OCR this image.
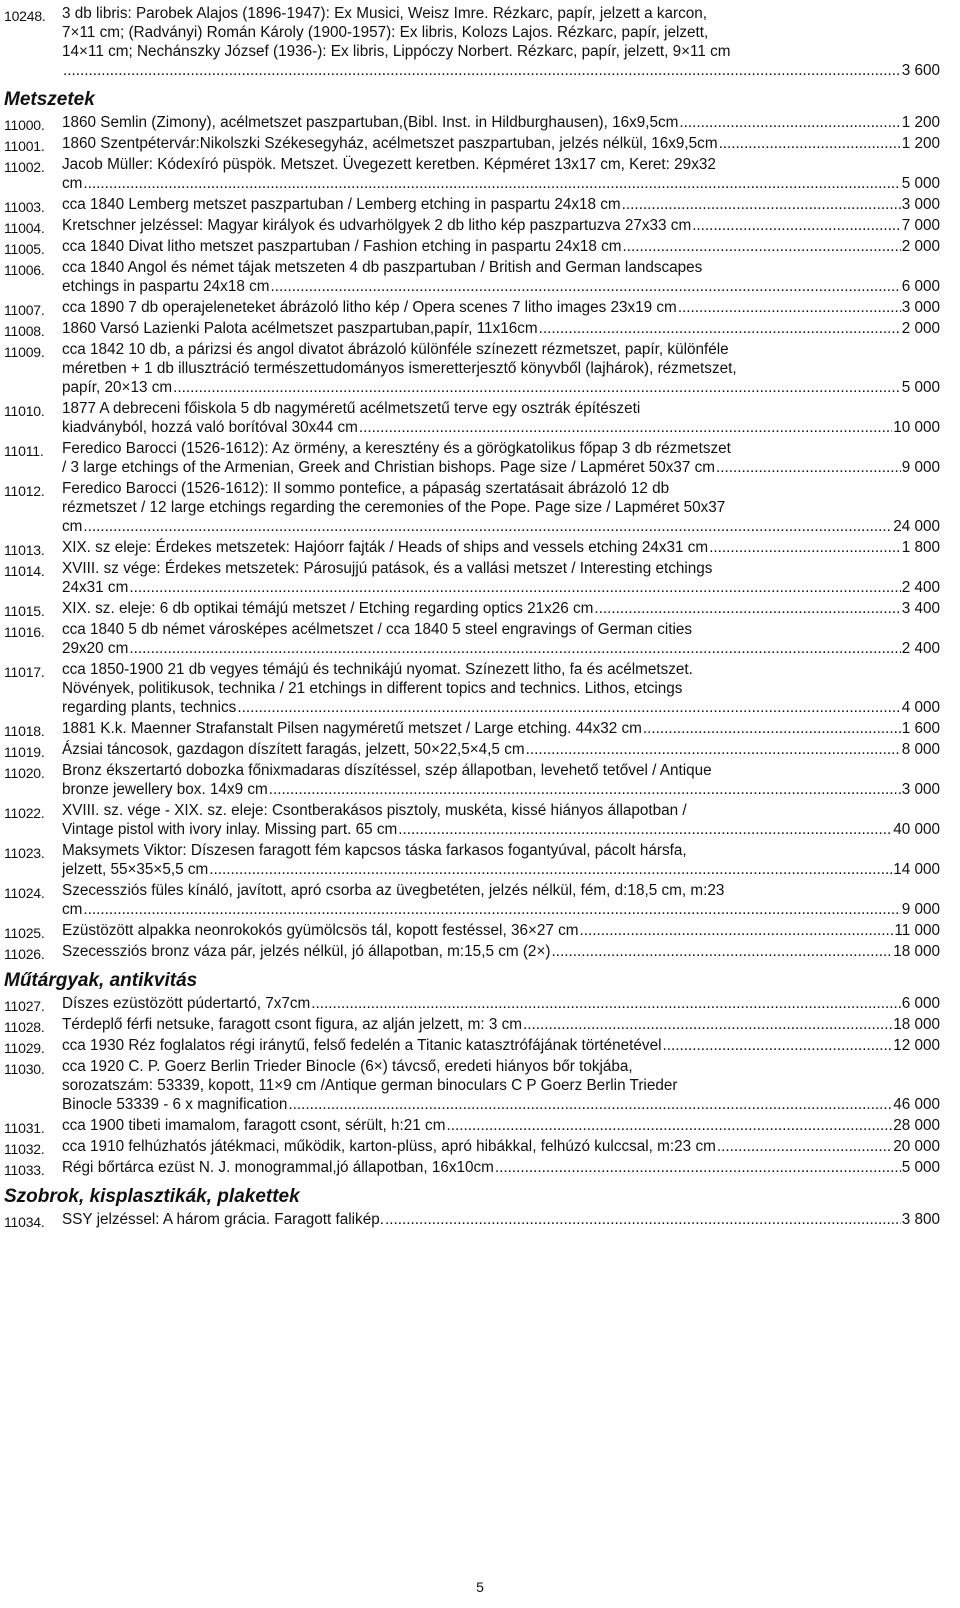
10248. 3 db libris: Parobek Alajos (1896-1947): Ex Musici, Weisz Imre. Rézkarc, papír, jelzett a karcon,
7×11 cm; (Radványi) Román Károly (1900-1957): Ex libris, Kolozs Lajos. Rézkarc, papír, jelzett,
14×11 cm; Nechánszky József (1936-): Ex libris, Lippóczy Norbert. Rézkarc, papír, jelzett, 9×11 cm
.....
3 600
Metszetek
11000. 1860 Semlin (Zimony), acélmetszet paszpartuban,(Bibl. Inst. in Hildburghausen), 16x9,5cm .....	1 200
11001. 1860 Szentpétervár:Nikolszki Székesegyház, acélmetszet paszpartuban, jelzés nélkül, 16x9,5cm .....	1 200
11002. Jacob Müller: Kódexíró püspök. Metszet. Üvegezett keretben. Képméret 13x17 cm, Keret: 29x32
cm .....	5 000
11003. cca 1840 Lemberg metszet paszpartuban / Lemberg etching in paspartu 24x18 cm .....	3 000
11004. Kretschner jelzéssel: Magyar királyok és udvarhölgyek 2 db litho kép paszpartuzva 27x33 cm .....	7 000
11005. cca 1840 Divat litho metszet paszpartuban / Fashion etching in paspartu 24x18 cm .....	2 000
11006. cca 1840 Angol és német tájak metszeten 4 db paszpartuban / British and German landscapes
etchings in paspartu 24x18 cm .....	6 000
11007. cca 1890 7 db operajeleneteket ábrázoló litho kép / Opera scenes 7 litho images 23x19 cm .....	3 000
11008. 1860 Varsó Lazienki Palota acélmetszet paszpartuban,papír, 11x16cm .....	2 000
11009. cca 1842 10 db, a párizsi és angol divatot ábrázoló különféle színezett rézmetszet, papír, különféle
méretben + 1 db illusztráció természettudományos ismeretterjesztő könyvből (lajhárok), rézmetszet,
papír, 20×13 cm .....	5 000
11010. 1877 A debreceni főiskola 5 db nagyméretű acélmetszetű terve egy osztrák építészeti
kiadványból, hozzá való borítóval 30x44 cm .....	10 000
11011. Feredico Barocci (1526-1612): Az örmény, a keresztény és a görögkatolikus főpap 3 db rézmetszet
/ 3 large etchings of the Armenian, Greek and Christian bishops. Page size / Lapméret 50x37 cm .....	9 000
11012. Feredico Barocci (1526-1612): Il sommo pontefice, a pápaság szertatásait ábrázoló 12 db
rézmetszet / 12 large etchings regarding the ceremonies of the Pope. Page size / Lapméret 50x37
cm .....	24 000
11013. XIX. sz eleje: Érdekes metszetek: Hajóorr fajták / Heads of ships and vessels etching 24x31 cm .....	1 800
11014. XVIII. sz vége: Érdekes metszetek: Párosujjú patások, és a vallási metszet / Interesting etchings
24x31 cm .....	2 400
11015. XIX. sz. eleje: 6 db optikai témájú metszet / Etching regarding optics 21x26 cm .....	3 400
11016. cca 1840 5 db német városképes acélmetszet / cca 1840 5 steel engravings of German cities
29x20 cm .....	2 400
11017. cca 1850-1900 21 db vegyes témájú és technikájú nyomat. Színezett litho, fa és acélmetszet.
Növények, politikusok, technika / 21 etchings in different topics and technics. Lithos, etcings
regarding plants, technics .....	4 000
11018. 1881 K.k. Maenner Strafanstalt Pilsen nagyméretű metszet / Large etching. 44x32 cm .....	1 600
11019. Ázsiai táncosok, gazdagon díszített faragás, jelzett, 50×22,5×4,5 cm .....	8 000
11020. Bronz ékszertartó dobozka főnixmadaras díszítéssel, szép állapotban, levehető tetővel / Antique
bronze jewellery box. 14x9 cm .....	3 000
11022. XVIII. sz. vége - XIX. sz. eleje: Csontberakásos pisztoly, muskéta, kissé hiányos állapotban /
Vintage pistol with ivory inlay. Missing part. 65 cm .....	40 000
11023. Maksymets Viktor: Díszesen faragott fém kapcsos táska farkasos fogantyúval, pácolt hársfa,
jelzett, 55×35×5,5 cm .....	14 000
11024. Szecessziós füles kínáló, javított, apró csorba az üvegbetéten, jelzés nélkül, fém, d:18,5 cm, m:23
cm .....	9 000
11025. Ezüstözött alpakka neonrokokós gyümölcsös tál, kopott festéssel, 36×27 cm .....	11 000
11026. Szecessziós bronz váza pár, jelzés nélkül, jó állapotban, m:15,5 cm (2×) .....	18 000
Műtárgyak, antikvitás
11027. Díszes ezüstözött púdertartó, 7x7cm .....	6 000
11028. Térdeplő férfi netsuke, faragott csont figura, az alján jelzett, m: 3 cm .....	18 000
11029. cca 1930 Réz foglalatos régi iránytű, felső fedelén a Titanic katasztrófájának történetével .....	12 000
11030. cca 1920 C. P. Goerz Berlin Trieder Binocle (6×) távcső, eredeti hiányos bőr tokjába,
sorozatszám: 53339, kopott, 11×9 cm /Antique german binoculars C P Goerz Berlin Trieder
Binocle 53339 - 6 x magnification .....	46 000
11031. cca 1900 tibeti imamalom, faragott csont, sérült, h:21 cm .....	28 000
11032. cca 1910 felhúzhatós játékmaci, működik, karton-plüss, apró hibákkal, felhúzó kulccsal, m:23 cm .....	20 000
11033. Régi bőrtárca ezüst N. J. monogrammal,jó állapotban, 16x10cm .....	5 000
Szobrok, kisplasztikák, plakettek
11034. SSY jelzéssel: A három grácia. Faragott falikép. .....	3 800
5
